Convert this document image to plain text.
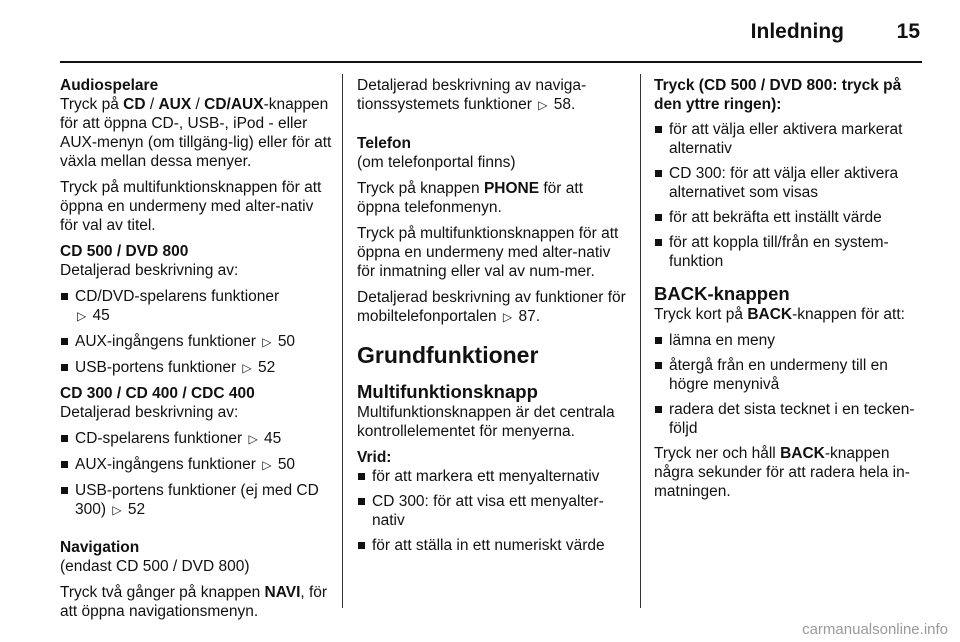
Inledning	15

Audiospelare

Tryck på CD / AUX / CD/AUX-knappen för att öppna CD-, USB-, iPod - eller AUX-menyn (om tillgäng-lig) eller för att växla mellan dessa menyer.

Tryck på multifunktionsknappen för att öppna en undermeny med alter-nativ för val av titel.

CD 500 / DVD 800

Detaljerad beskrivning av:

CD/DVD-spelarens funktioner
▷ 45
AUX-ingångens funktioner ▷ 50
USB-portens funktioner ▷ 52

CD 300 / CD 400 / CDC 400

Detaljerad beskrivning av:

CD-spelarens funktioner ▷ 45
AUX-ingångens funktioner ▷ 50
USB-portens funktioner (ej med CD 300) ▷ 52

Navigation

(endast CD 500 / DVD 800)

Tryck två gånger på knappen NAVI, för att öppna navigationsmenyn.

Detaljerad beskrivning av naviga-tionssystemets funktioner ▷ 58.

Telefon

(om telefonportal finns)

Tryck på knappen PHONE för att öppna telefonmenyn.

Tryck på multifunktionsknappen för att öppna en undermeny med alter-nativ för inmatning eller val av num-mer.

Detaljerad beskrivning av funktioner för mobiltelefonportalen ▷ 87.

Grundfunktioner

Multifunktionsknapp

Multifunktionsknappen är det centrala kontrollelementet för menyerna.

Vrid:

för att markera ett menyalternativ
CD 300: för att visa ett menyalter-nativ
för att ställa in ett numeriskt värde

Tryck (CD 500 / DVD 800: tryck på den yttre ringen):

för att välja eller aktivera markerat alternativ
CD 300: för att välja eller aktivera alternativet som visas
för att bekräfta ett inställt värde
för att koppla till/från en system-funktion

BACK-knappen

Tryck kort på BACK-knappen för att:

lämna en meny
återgå från en undermeny till en högre menynivå
radera det sista tecknet i en tecken-följd

Tryck ner och håll BACK-knappen några sekunder för att radera hela in-matningen.

carmanualsonline.info
